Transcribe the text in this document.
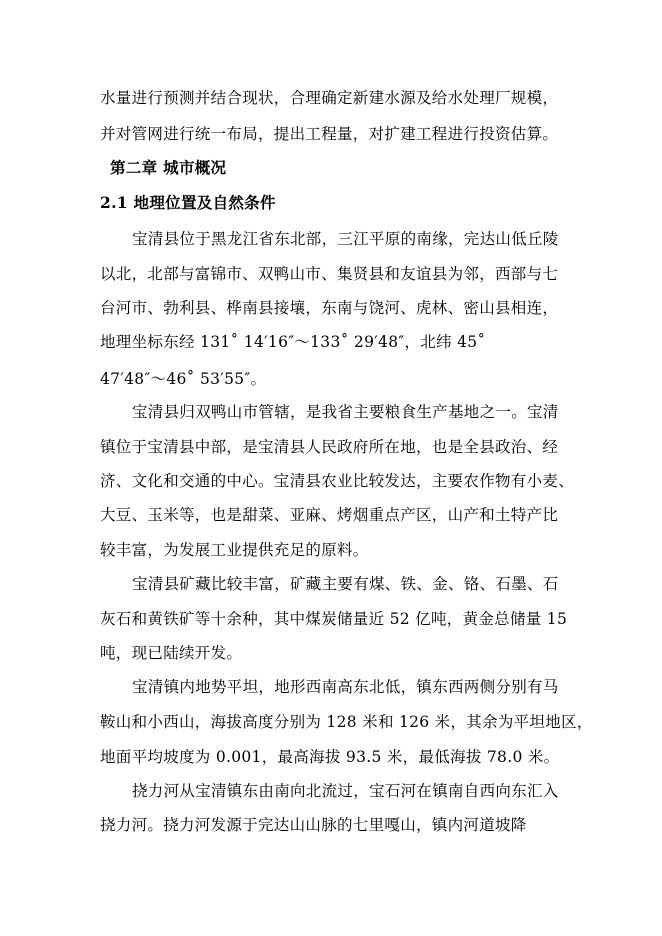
水量进行预测并结合现状，合理确定新建水源及给水处理厂规模，
并对管网进行统一布局，提出工程量，对扩建工程进行投资估算。
第二章 城市概况
2.1 地理位置及自然条件
宝清县位于黑龙江省东北部，三江平原的南缘，完达山低丘陵
以北，北部与富锦市、双鸭山市、集贤县和友谊县为邻，西部与七
台河市、勃利县、桦南县接壤，东南与饶河、虎林、密山县相连，
地理坐标东经 131˚ 14′16″～133˚ 29′48″，北纬 45˚
47′48″～46˚ 53′55″。
宝清县归双鸭山市管辖，是我省主要粮食生产基地之一。宝清
镇位于宝清县中部，是宝清县人民政府所在地，也是全县政治、经
济、文化和交通的中心。宝清县农业比较发达，主要农作物有小麦、
大豆、玉米等，也是甜菜、亚麻、烤烟重点产区，山产和土特产比
较丰富，为发展工业提供充足的原料。
宝清县矿藏比较丰富，矿藏主要有煤、铁、金、铬、石墨、石
灰石和黄铁矿等十余种，其中煤炭储量近 52 亿吨，黄金总储量 15
吨，现已陆续开发。
宝清镇内地势平坦，地形西南高东北低，镇东西两侧分别有马
鞍山和小西山，海拔高度分别为 128 米和 126 米，其余为平坦地区，
地面平均坡度为 0.001，最高海拔 93.5 米，最低海拔 78.0 米。
挠力河从宝清镇东由南向北流过，宝石河在镇南自西向东汇入
挠力河。挠力河发源于完达山山脉的七里嘎山，镇内河道坡降
